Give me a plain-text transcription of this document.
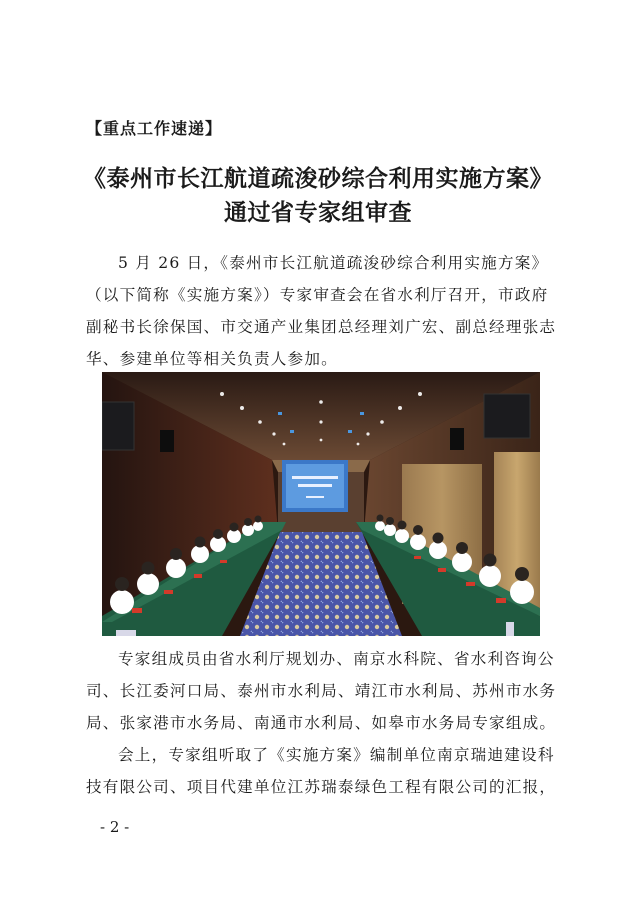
【重点工作速递】
《泰州市长江航道疏浚砂综合利用实施方案》
通过省专家组审查
5 月 26 日，《泰州市长江航道疏浚砂综合利用实施方案》
（以下简称《实施方案》）专家审查会在省水利厅召开，市政府
副秘书长徐保国、市交通产业集团总经理刘广宏、副总经理张志
华、参建单位等相关负责人参加。
专家组成员由省水利厅规划办、南京水科院、省水利咨询公
司、长江委河口局、泰州市水利局、靖江市水利局、苏州市水务
局、张家港市水务局、南通市水利局、如皋市水务局专家组成。
会上，专家组听取了《实施方案》编制单位南京瑞迪建设科
技有限公司、项目代建单位江苏瑞泰绿色工程有限公司的汇报，
- 2 -
